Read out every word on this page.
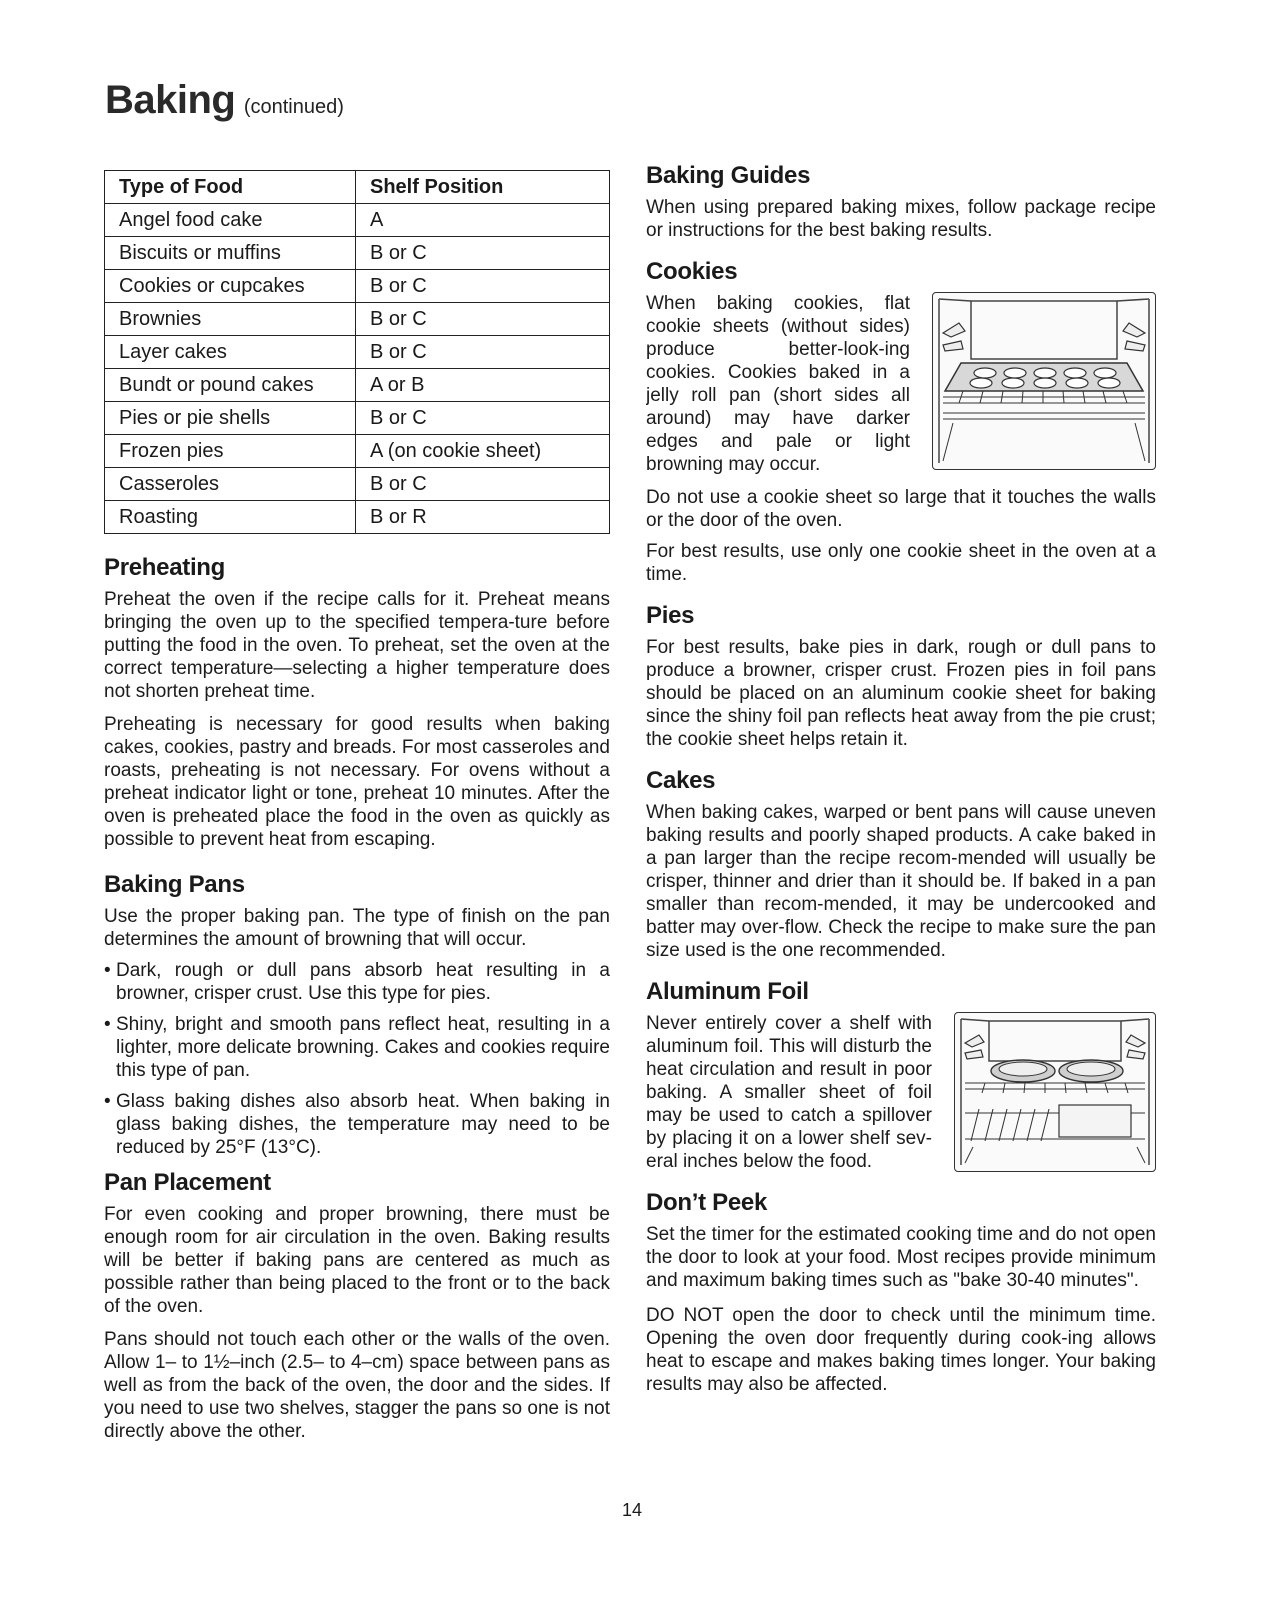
Baking (continued)
Type of Food	Shelf Position
Angel food cake	A
Biscuits or muffins	B or C
Cookies or cupcakes	B or C
Brownies	B or C
Layer cakes	B or C
Bundt or pound cakes	A or B
Pies or pie shells	B or C
Frozen pies	A (on cookie sheet)
Casseroles	B or C
Roasting	B or R
Preheating

Preheat the oven if the recipe calls for it. Preheat means bringing the oven up to the specified tempera-ture before putting the food in the oven. To preheat, set the oven at the correct temperature—selecting a higher temperature does not shorten preheat time.

Preheating is necessary for good results when baking cakes, cookies, pastry and breads. For most casseroles and roasts, preheating is not necessary. For ovens without a preheat indicator light or tone, preheat 10 minutes. After the oven is preheated place the food in the oven as quickly as possible to prevent heat from escaping.

Baking Pans

Use the proper baking pan. The type of finish on the pan determines the amount of browning that will occur.

• Dark, rough or dull pans absorb heat resulting in a browner, crisper crust. Use this type for pies.
• Shiny, bright and smooth pans reflect heat, resulting in a lighter, more delicate browning. Cakes and cookies require this type of pan.
• Glass baking dishes also absorb heat. When baking in glass baking dishes, the temperature may need to be reduced by 25°F (13°C).
Pan Placement

For even cooking and proper browning, there must be enough room for air circulation in the oven. Baking results will be better if baking pans are centered as much as possible rather than being placed to the front or to the back of the oven.

Pans should not touch each other or the walls of the oven. Allow 1– to 1½–inch (2.5– to 4–cm) space between pans as well as from the back of the oven, the door and the sides. If you need to use two shelves, stagger the pans so one is not directly above the other.

Baking Guides

When using prepared baking mixes, follow package recipe or instructions for the best baking results.

Cookies

When baking cookies, flat cookie sheets (without sides) produce better-look-ing cookies. Cookies baked in a jelly roll pan (short sides all around) may have darker edges and pale or light browning may occur.

Do not use a cookie sheet so large that it touches the walls or the door of the oven.

For best results, use only one cookie sheet in the oven at a time.

Pies

For best results, bake pies in dark, rough or dull pans to produce a browner, crisper crust. Frozen pies in foil pans should be placed on an aluminum cookie sheet for baking since the shiny foil pan reflects heat away from the pie crust; the cookie sheet helps retain it.

Cakes

When baking cakes, warped or bent pans will cause uneven baking results and poorly shaped products. A cake baked in a pan larger than the recipe recom-mended will usually be crisper, thinner and drier than it should be. If baked in a pan smaller than recom-mended, it may be undercooked and batter may over-flow. Check the recipe to make sure the pan size used is the one recommended.

Aluminum Foil

Never entirely cover a shelf with aluminum foil. This will disturb the heat circulation and result in poor baking. A smaller sheet of foil may be used to catch a spillover by placing it on a lower shelf sev-eral inches below the food.

Don’t Peek

Set the timer for the estimated cooking time and do not open the door to look at your food. Most recipes provide minimum and maximum baking times such as "bake 30-40 minutes".

DO NOT open the door to check until the minimum time. Opening the oven door frequently during cook-ing allows heat to escape and makes baking times longer. Your baking results may also be affected.

14
